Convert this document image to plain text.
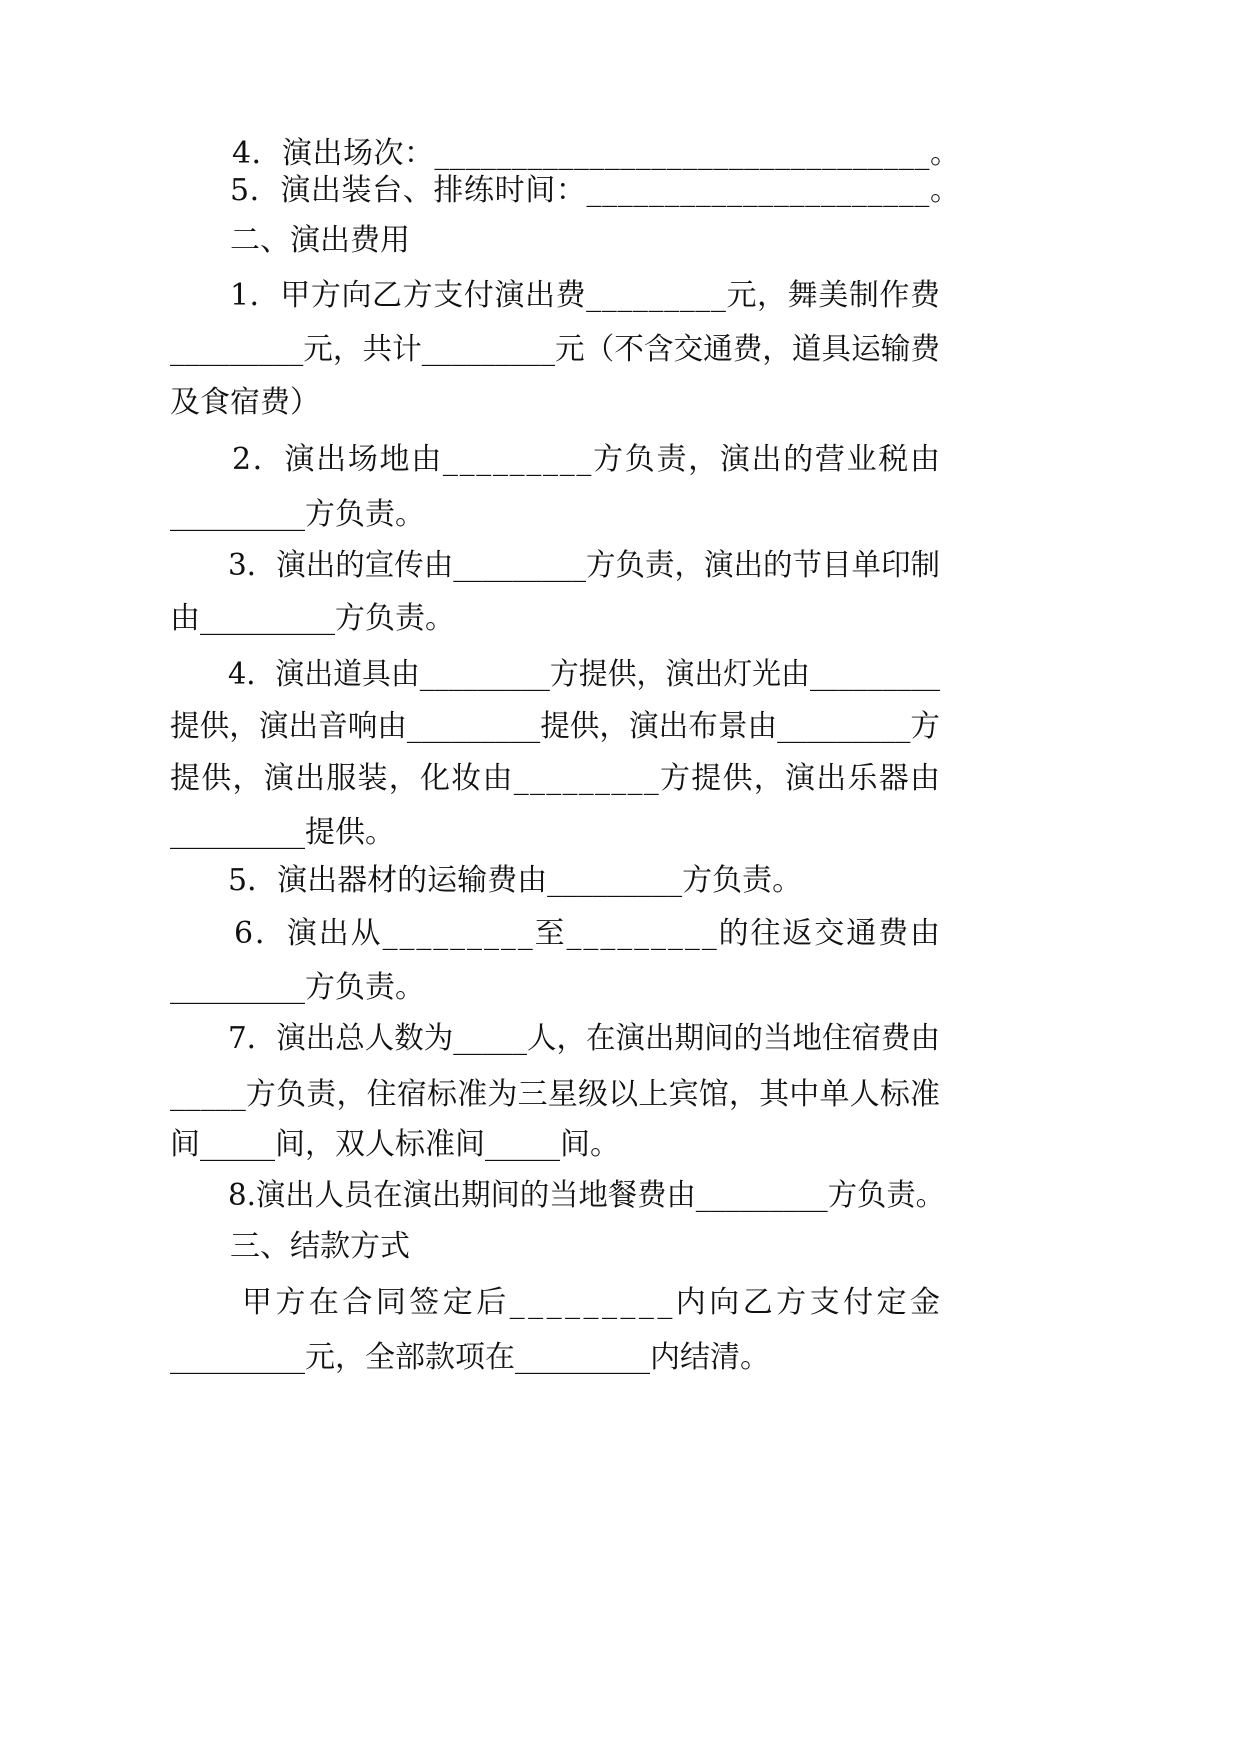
4．演出场次：________________________________。
5．演出装台、排练时间：______________________。
二、演出费用
1．甲方向乙方支付演出费_________元，舞美制作费
_________元，共计_________元（不含交通费，道具运输费
及食宿费）
2．演出场地由_________方负责，演出的营业税由
_________方负责。
3．演出的宣传由_________方负责，演出的节目单印制
由_________方负责。
4．演出道具由_________方提供，演出灯光由_________
提供，演出音响由_________提供，演出布景由_________方
提供，演出服装，化妆由_________方提供，演出乐器由
_________提供。
5．演出器材的运输费由_________方负责。
6．演出从_________至_________的往返交通费由
_________方负责。
7．演出总人数为_____人，在演出期间的当地住宿费由
_____方负责，住宿标准为三星级以上宾馆，其中单人标准
间_____间，双人标准间_____间。
8.演出人员在演出期间的当地餐费由_________方负责。
三、结款方式
甲方在合同签定后_________内向乙方支付定金
_________元，全部款项在_________内结清。
